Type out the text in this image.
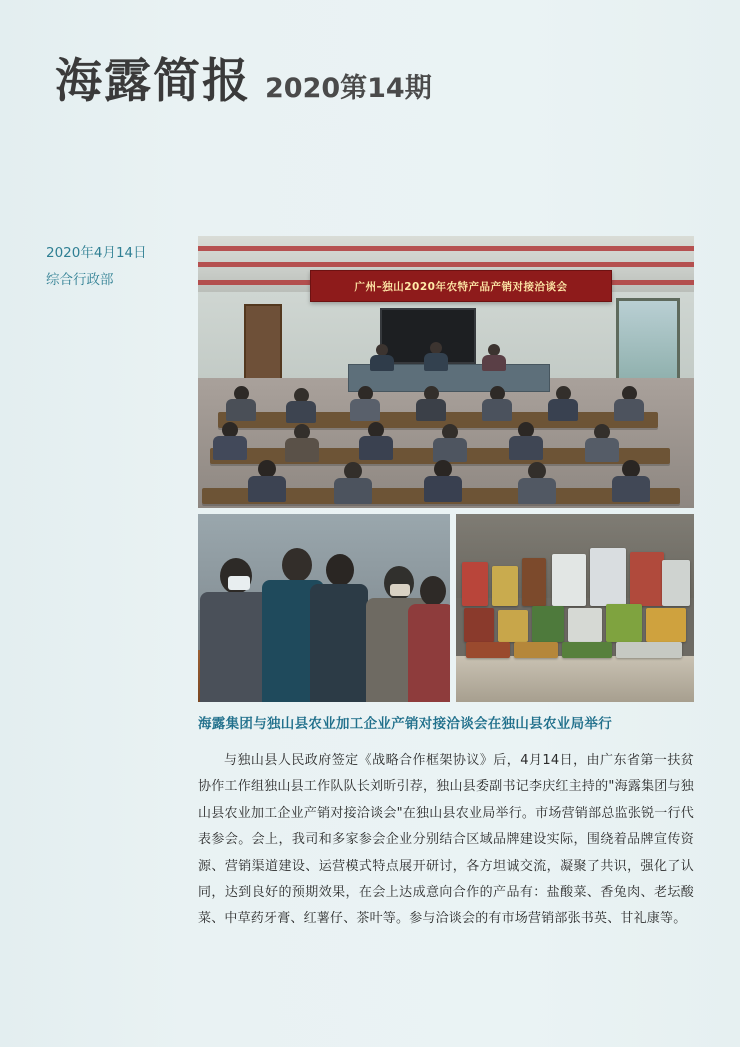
海露简报 2020第14期
2020年4月14日
综合行政部	广州–独山2020年农特产品产销对接洽谈会
海露集团与独山县农业加工企业产销对接洽谈会在独山县农业局举行
与独山县人民政府签定《战略合作框架协议》后，4月14日，由广东省第一扶贫协作工作组独山县工作队队长刘昕引荐，独山县委副书记李庆红主持的"海露集团与独山县农业加工企业产销对接洽谈会"在独山县农业局举行。市场营销部总监张锐一行代表参会。会上，我司和多家参会企业分别结合区域品牌建设实际，围绕着品牌宣传资源、营销渠道建设、运营模式特点展开研讨，各方坦诚交流，凝聚了共识，强化了认同，达到良好的预期效果，在会上达成意向合作的产品有：盐酸菜、香兔肉、老坛酸菜、中草药牙膏、红薯仔、茶叶等。参与洽谈会的有市场营销部张书英、甘礼康等。
